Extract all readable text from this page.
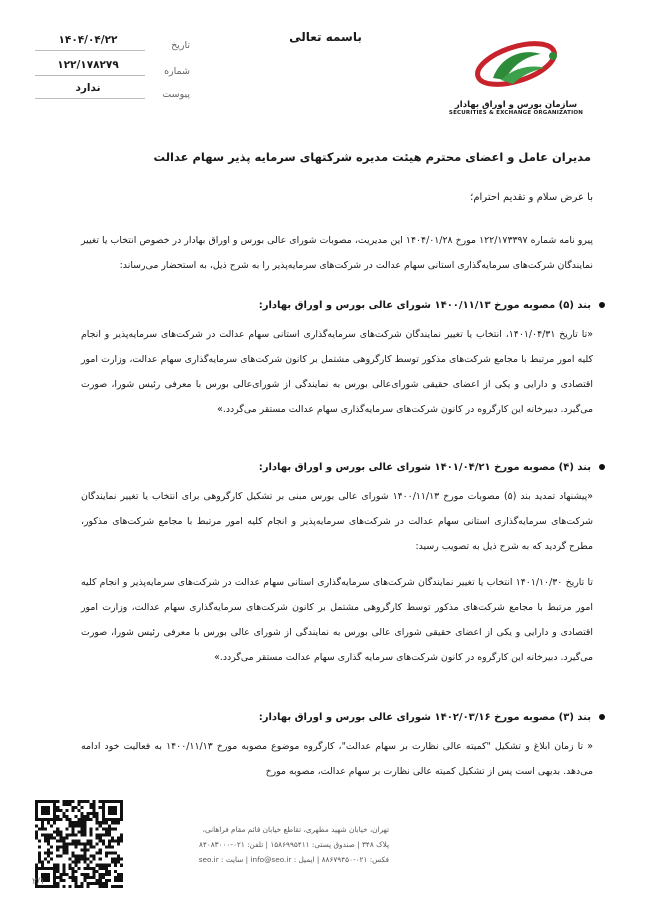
باسمه تعالی
سازمان بورس و اوراق بهادار
SECURITIES & EXCHANGE ORGANIZATION
تاریخ
۱۴۰۴/۰۴/۲۲
شماره
۱۲۲/۱۷۸۲۷۹
پیوست
ندارد
مدیران عامل و اعضای محترم هیئت مدیره شرکتهای سرمایه پذیر سهام عدالت
با عرض سلام و تقدیم احترام؛
پیرو نامه شماره ۱۲۲/۱۷۳۳۹۷ مورخ ۱۴۰۴/۰۱/۲۸ این مدیریت، مصوبات شورای عالی بورس و اوراق بهادار در خصوص انتخاب یا تغییر نمایندگان شرکت‌های سرمایه‌گذاری استانی سهام عدالت در شرکت‌های سرمایه‌پذیر را به شرح ذیل، به استحضار می‌رساند:
بند (۵) مصوبه مورخ ۱۴۰۰/۱۱/۱۳ شورای عالی بورس و اوراق بهادار:
«تا تاریخ ۱۴۰۱/۰۴/۳۱، انتخاب یا تغییر نمایندگان شرکت‌های سرمایه‌گذاری استانی سهام عدالت در شرکت‌های سرمایه‌پذیر و انجام کلیه امور مرتبط با مجامع شرکت‌های مذکور توسط کارگروهی مشتمل بر کانون شرکت‌های سرمایه‌گذاری سهام عدالت، وزارت امور اقتصادی و دارایی و یکی از اعضای حقیقی شورای‌عالی بورس به نمایندگی از شورای‌عالی بورس با معرفی رئیس شورا، صورت می‌گیرد. دبیرخانه این کارگروه در کانون شرکت‌های سرمایه‌گذاری سهام عدالت مستقر می‌گردد.»
بند (۴) مصوبه مورخ ۱۴۰۱/۰۴/۲۱ شورای عالی بورس و اوراق بهادار:
«پیشنهاد تمدید بند (۵) مصوبات مورخ ۱۴۰۰/۱۱/۱۳ شورای عالی بورس مبنی بر تشکیل کارگروهی برای انتخاب یا تغییر نمایندگان شرکت‌های سرمایه‌گذاری استانی سهام عدالت در شرکت‌های سرمایه‌پذیر و انجام کلیه امور مرتبط با مجامع شرکت‌های مذکور، مطرح گردید که به شرح ذیل به تصویب رسید:
تا تاریخ ۱۴۰۱/۱۰/۳۰ انتخاب یا تغییر نمایندگان شرکت‌های سرمایه‌گذاری استانی سهام عدالت در شرکت‌های سرمایه‌پذیر و انجام کلیه امور مرتبط با مجامع شرکت‌های مذکور توسط کارگروهی مشتمل بر کانون شرکت‌های سرمایه‌گذاری سهام عدالت، وزارت امور اقتصادی و دارایی و یکی از اعضای حقیقی شورای عالی بورس به نمایندگی از شورای عالی بورس با معرفی رئیس شورا، صورت می‌گیرد. دبیرخانه این کارگروه در کانون شرکت‌های سرمایه گذاری سهام عدالت مستقر می‌گردد.»
بند (۳) مصوبه مورخ ۱۴۰۲/۰۳/۱۶ شورای عالی بورس و اوراق بهادار:
« تا زمان ابلاغ و تشکیل "کمیته عالی نظارت بر سهام عدالت"، کارگروه موضوع مصوبه مورخ ۱۴۰۰/۱۱/۱۳ به فعالیت خود ادامه می‌دهد. بدیهی است پس از تشکیل کمیته عالی نظارت بر سهام عدالت، مصوبه مورخ
تهران، خیابان شهید مطهری، تقاطع خیابان قائم مقام فراهانی،
پلاک ۳۴۸ | صندوق پستی: ۱۵۸۶۹۹۵۴۱۱ | تلفن: ۰۲۱-۸۴۰۸۳۰۰۰
فکس: ۰۲۱-۸۸۶۷۹۴۵۰ | ایمیل : info@seo.ir | سایت : seo.ir
۲/۱
